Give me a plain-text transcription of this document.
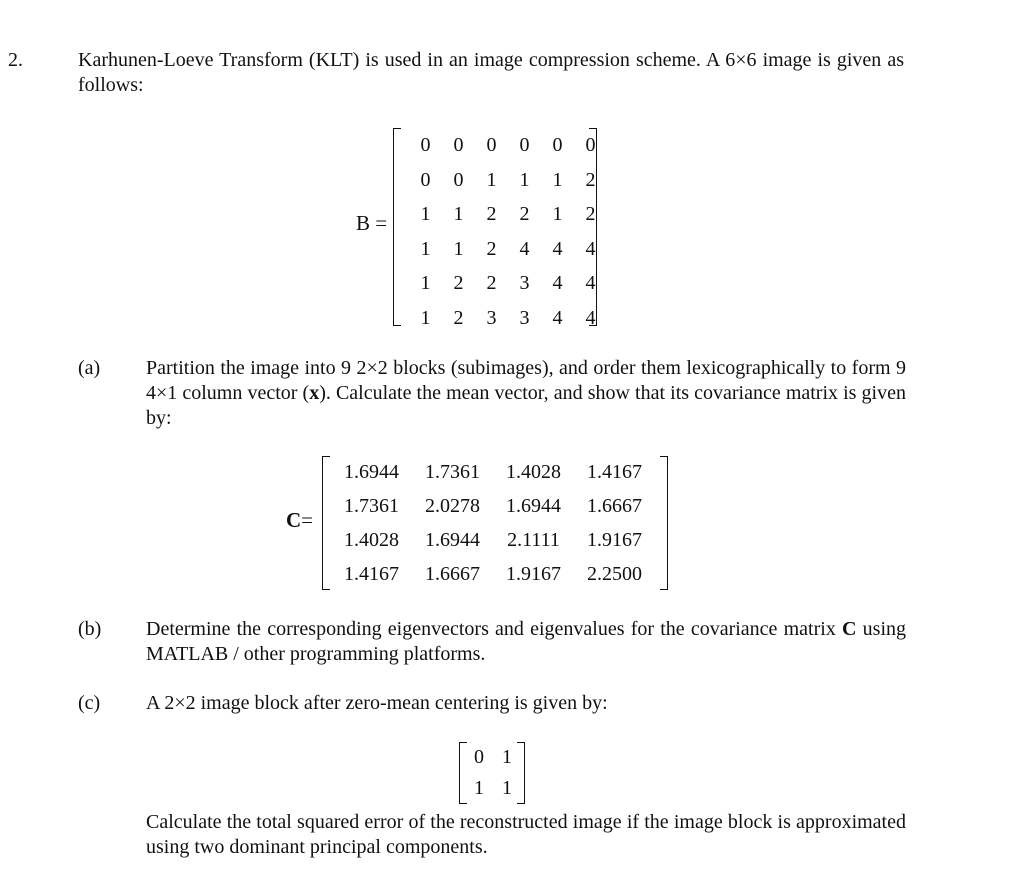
2.	Karhunen-Loeve Transform (KLT) is used in an image compression scheme. A 6×6 image is given as follows:
B =
0	0	0	0	0	0
0	0	1	1	1	2
1	1	2	2	1	2
1	1	2	4	4	4
1	2	2	3	4	4
1	2	3	3	4	4
(a) Partition the image into 9 2×2 blocks (subimages), and order them lexicographically to form 9 4×1 column vector (x). Calculate the mean vector, and show that its covariance matrix is given by:
C=
1.6944	1.7361	1.4028	1.4167
1.7361	2.0278	1.6944	1.6667
1.4028	1.6944	2.1111	1.9167
1.4167	1.6667	1.9167	2.2500
(b) Determine the corresponding eigenvectors and eigenvalues for the covariance matrix C using MATLAB / other programming platforms.
(c) A 2×2 image block after zero-mean centering is given by:
0 1
1 1
Calculate the total squared error of the reconstructed image if the image block is approximated using two dominant principal components.
